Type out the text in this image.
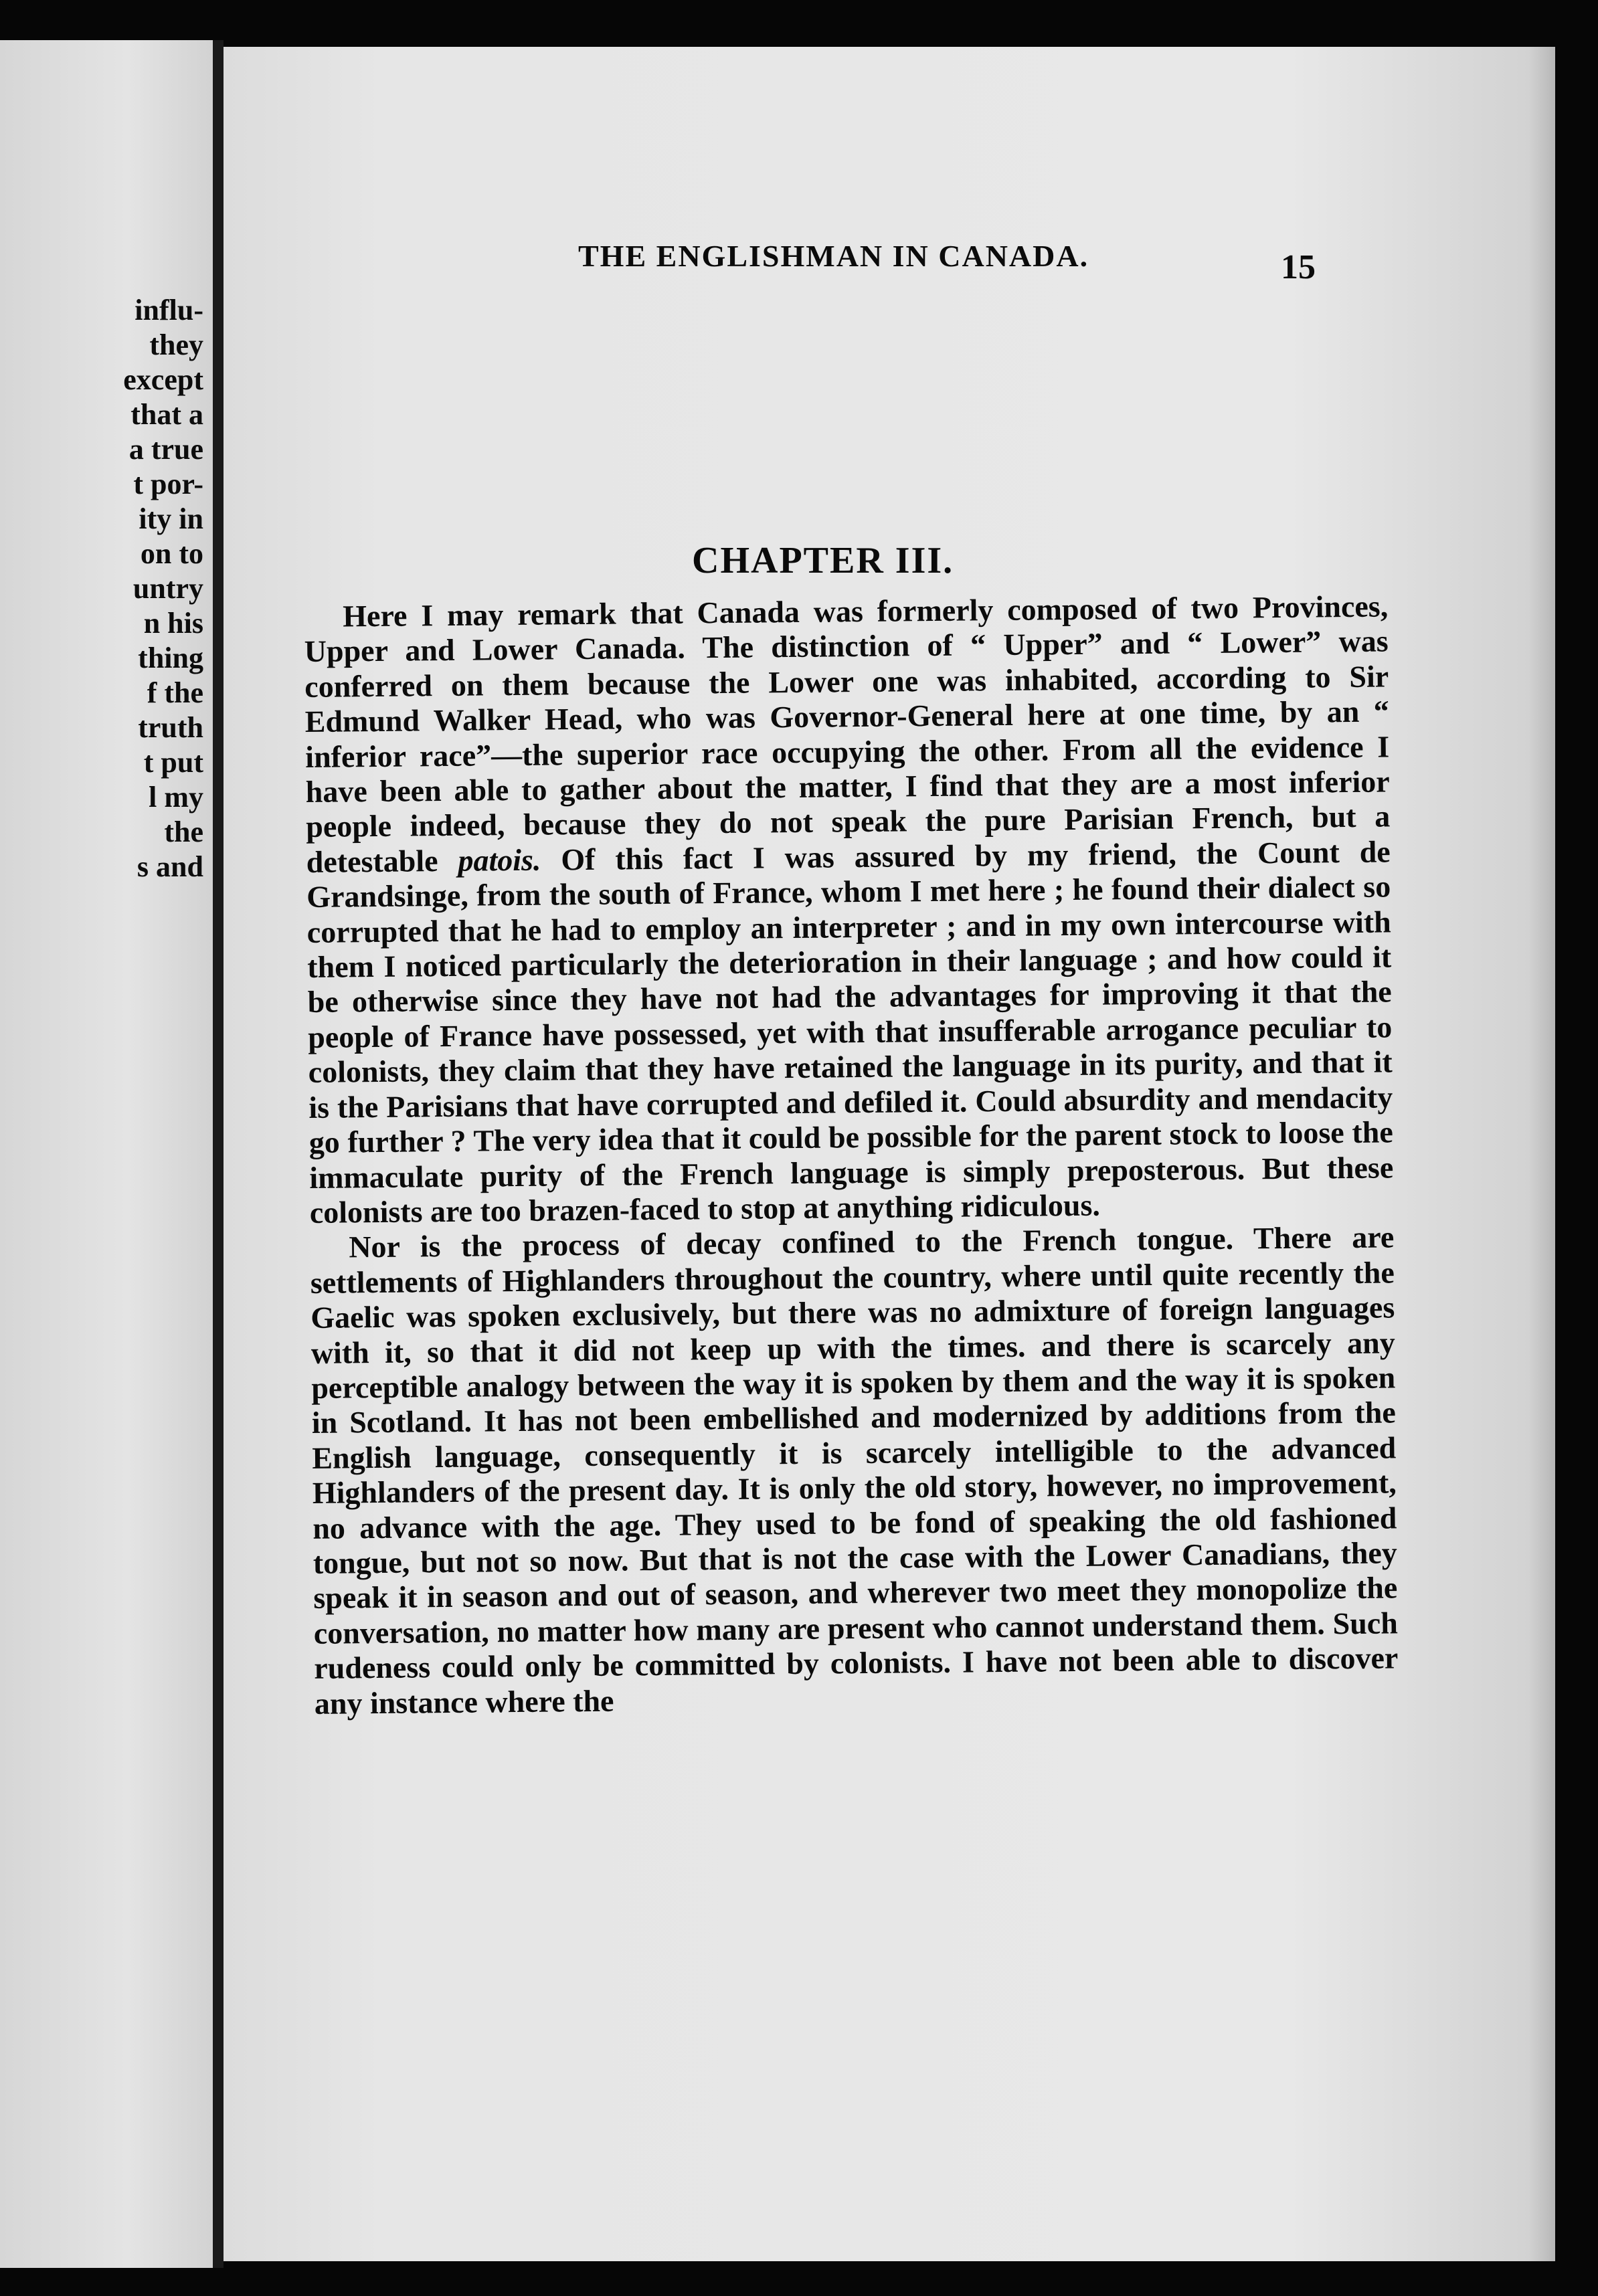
influ-
they
except
that a
a true
t por-
ity in
on to
untry
n his
thing
f the
truth
t put
l my
the
s and
THE ENGLISHMAN IN CANADA.	15
CHAPTER III.

Here I may remark that Canada was formerly composed of two Provinces, Upper and Lower Canada. The distinction of “ Upper” and “ Lower” was conferred on them because the Lower one was inhabited, according to Sir Edmund Walker Head, who was Governor-General here at one time, by an “ inferior race”—the superior race occupying the other. From all the evidence I have been able to gather about the matter, I find that they are a most inferior people indeed, because they do not speak the pure Parisian French, but a detestable patois. Of this fact I was assured by my friend, the Count de Grandsinge, from the south of France, whom I met here ; he found their dialect so corrupted that he had to employ an interpreter ; and in my own intercourse with them I noticed particularly the deterioration in their language ; and how could it be otherwise since they have not had the advantages for improving it that the people of France have possessed, yet with that insufferable arrogance peculiar to colonists, they claim that they have retained the language in its purity, and that it is the Parisians that have corrupted and defiled it. Could absurdity and mendacity go further ? The very idea that it could be possible for the parent stock to loose the immaculate purity of the French language is simply preposterous. But these colonists are too brazen-faced to stop at anything ridiculous.

Nor is the process of decay confined to the French tongue. There are settlements of Highlanders throughout the country, where until quite recently the Gaelic was spoken exclusively, but there was no admixture of foreign languages with it, so that it did not keep up with the times. and there is scarcely any perceptible analogy between the way it is spoken by them and the way it is spoken in Scotland. It has not been embellished and modernized by additions from the English language, consequently it is scarcely intelligible to the advanced Highlanders of the present day. It is only the old story, however, no improvement, no advance with the age. They used to be fond of speaking the old fashioned tongue, but not so now. But that is not the case with the Lower Canadians, they speak it in season and out of season, and wherever two meet they monopolize the conversation, no matter how many are present who cannot understand them. Such rudeness could only be committed by colonists. I have not been able to discover any instance where the
